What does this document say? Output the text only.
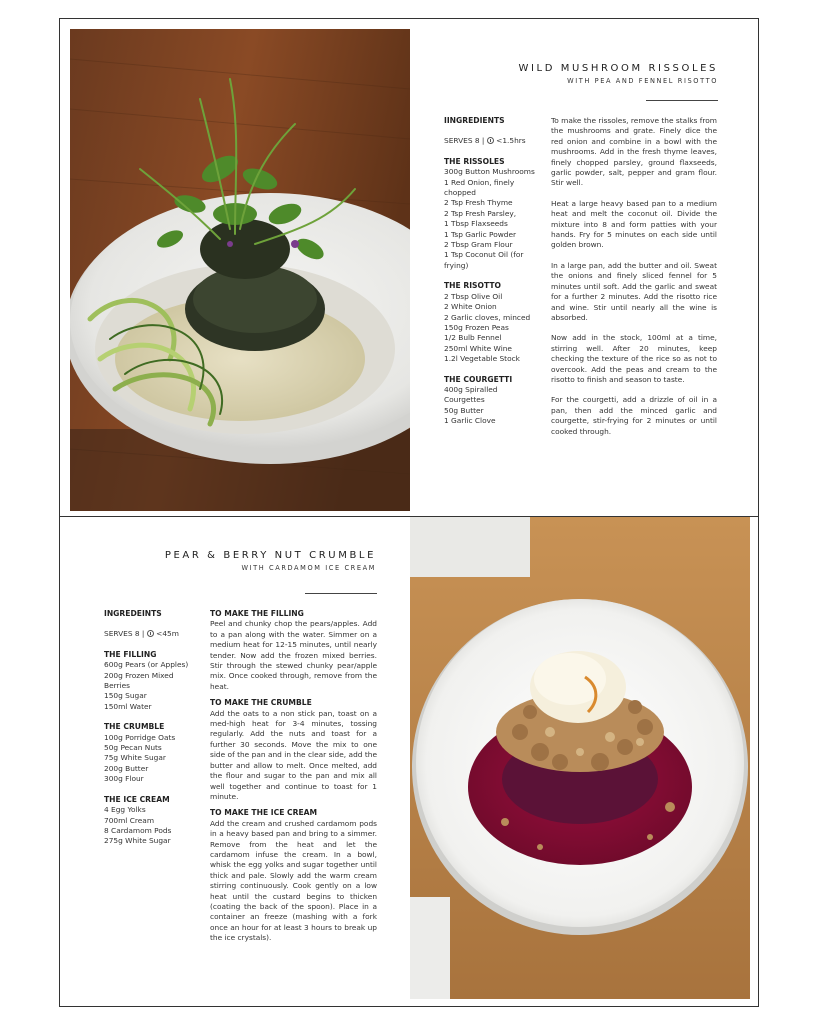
WILD MUSHROOM RISSOLES
WITH PEA AND FENNEL RISOTTO

IINGREDIENTS

SERVES 8 | <1.5hrs

THE RISSOLES

300g Button Mushrooms

1 Red Onion, finely chopped

2 Tsp Fresh Thyme

2 Tsp Fresh Parsley,

1 Tbsp Flaxseeds

1 Tsp Garlic Powder

2 Tbsp Gram Flour

1 Tsp Coconut Oil (for frying)

THE RISOTTO

2 Tbsp Olive Oil

2 White Onion

2 Garlic cloves, minced

150g Frozen Peas

1/2 Bulb Fennel

250ml White Wine

1.2l Vegetable Stock

THE COURGETTI

400g Spiralled Courgettes

50g Butter

1 Garlic Clove

To make the rissoles, remove the stalks from the mushrooms and grate. Finely dice the red onion and combine in a bowl with the mushrooms. Add in the fresh thyme leaves, finely chopped parsley, ground flaxseeds, garlic powder, salt, pepper and gram flour. Stir well.

Heat a large heavy based pan to a medium heat and melt the coconut oil. Divide the mixture into 8 and form patties with your hands. Fry for 5 minutes on each side until golden brown.

In a large pan, add the butter and oil. Sweat the onions and finely sliced fennel for 5 minutes until soft. Add the garlic and sweat for a further 2 minutes. Add the risotto rice and wine. Stir until nearly all the wine is absorbed.

Now add in the stock, 100ml at a time, stirring well. After 20 minutes, keep checking the texture of the rice so as not to overcook. Add the peas and cream to the risotto to finish and season to taste.

For the courgetti, add a drizzle of oil in a pan, then add the minced garlic and courgette, stir-frying for 2 minutes or until cooked through.

PEAR & BERRY NUT CRUMBLE
WITH CARDAMOM ICE CREAM

INGREDEINTS

SERVES 8 | <45m

THE FILLING

600g Pears (or Apples)

200g Frozen Mixed Berries

150g Sugar

150ml Water

THE CRUMBLE

100g Porridge Oats

50g Pecan Nuts

75g White Sugar

200g Butter

300g Flour

THE ICE CREAM

4 Egg Yolks

700ml Cream

8 Cardamom Pods

275g White Sugar

TO MAKE THE FILLING

Peel and chunky chop the pears/apples. Add to a pan along with the water. Simmer on a medium heat for 12-15 minutes, until nearly tender. Now add the frozen mixed berries. Stir through the stewed chunky pear/apple mix. Once cooked through, remove from the heat.

TO MAKE THE CRUMBLE

Add the oats to a non stick pan, toast on a med-high heat for 3-4 minutes, tossing regularly. Add the nuts and toast for a further 30 seconds. Move the mix to one side of the pan and in the clear side, add the butter and allow to melt. Once melted, add the flour and sugar to the pan and mix all well together and continue to toast for 1 minute.

TO MAKE THE ICE CREAM

Add the cream and crushed cardamom pods in a heavy based pan and bring to a simmer. Remove from the heat and let the cardamom infuse the cream. In a bowl, whisk the egg yolks and sugar together until thick and pale. Slowly add the warm cream stirring continuously. Cook gently on a low heat until the custard begins to thicken (coating the back of the spoon). Place in a container an freeze (mashing with a fork once an hour for at least 3 hours to break up the ice crystals).
